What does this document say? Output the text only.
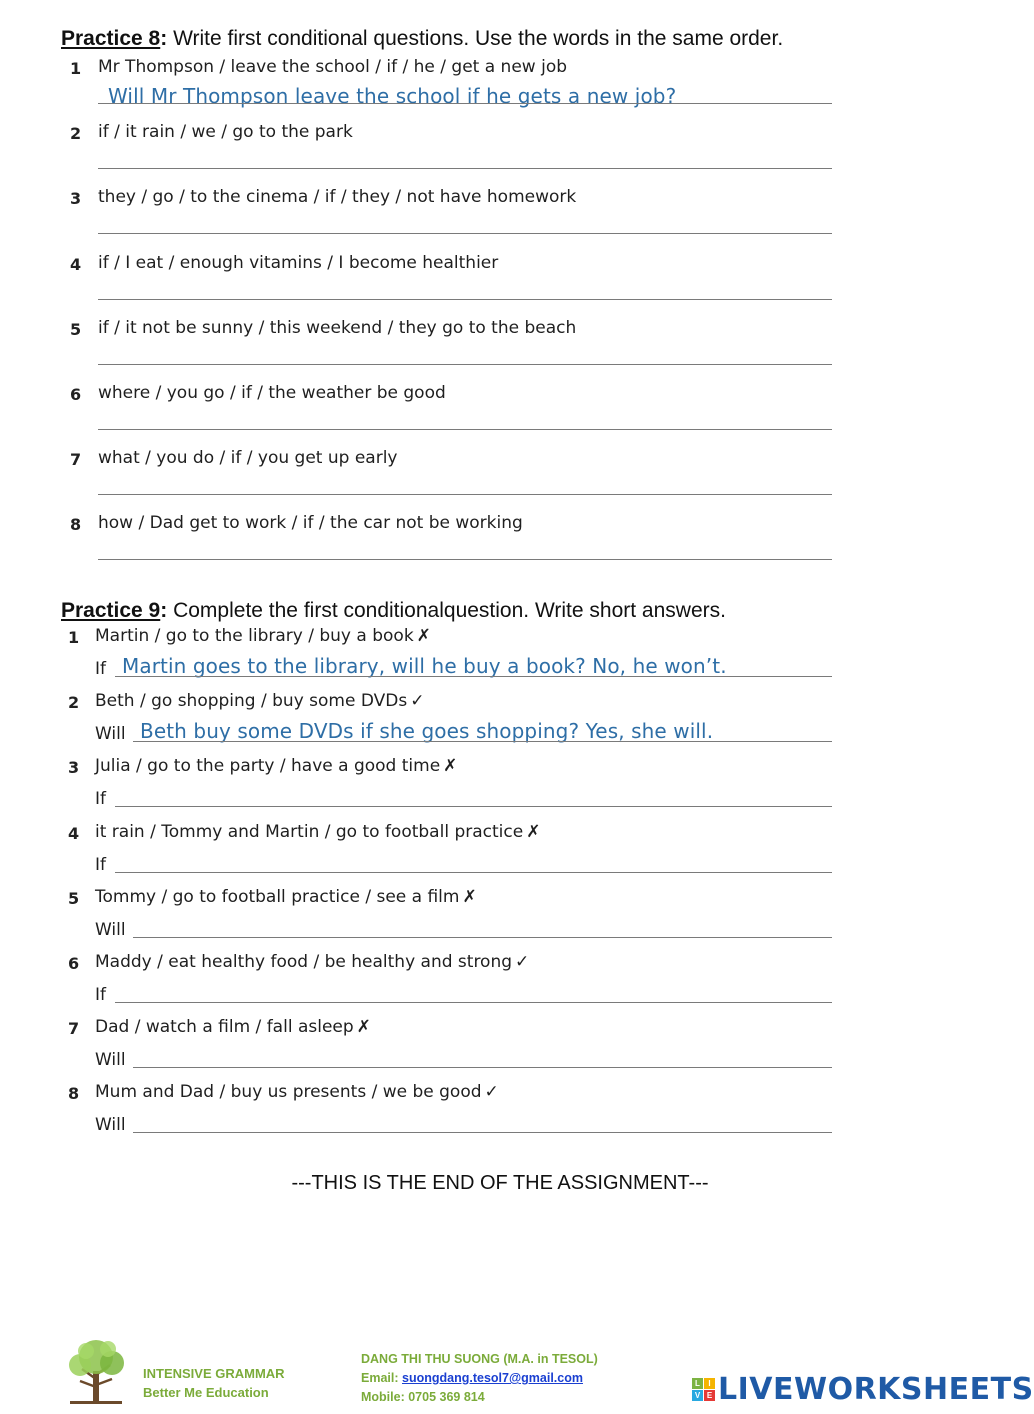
Practice 8: Write first conditional questions. Use the words in the same order.
1 Mr Thompson / leave the school / if / he / get a new job
Will Mr Thompson leave the school if he gets a new job?
2 if / it rain / we / go to the park
3 they / go / to the cinema / if / they / not have homework
4 if / I eat / enough vitamins / I become healthier
5 if / it not be sunny / this weekend / they go to the beach
6 where / you go / if / the weather be good
7 what / you do / if / you get up early
8 how / Dad get to work / if / the car not be working
Practice 9: Complete the first conditionalquestion. Write short answers.
1 Martin / go to the library / buy a book ✗
If Martin goes to the library, will he buy a book? No, he won’t.
2 Beth / go shopping / buy some DVDs ✓
Will Beth buy some DVDs if she goes shopping? Yes, she will.
3 Julia / go to the party / have a good time ✗
If
4 it rain / Tommy and Martin / go to football practice ✗
If
5 Tommy / go to football practice / see a film ✗
Will
6 Maddy / eat healthy food / be healthy and strong ✓
If
7 Dad / watch a film / fall asleep ✗
Will
8 Mum and Dad / buy us presents / we be good ✓
Will
---THIS IS THE END OF THE ASSIGNMENT---
INTENSIVE GRAMMAR
Better Me Education
DANG THI THU SUONG (M.A. in TESOL)
Email: suongdang.tesol7@gmail.com
Mobile: 0705 369 814
L	I
V E LIVEWORKSHEETS
